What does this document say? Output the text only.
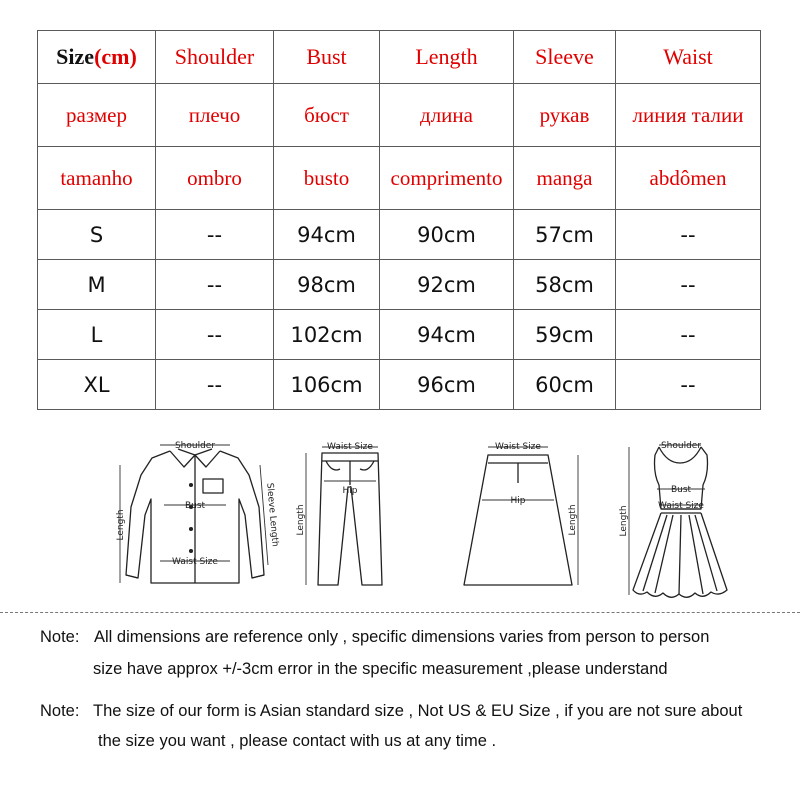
Size(cm)	Shoulder	Bust	Length	Sleeve	Waist
размер	плечо	бюст	длина	рукав	линия талии
tamanho	ombro	busto	comprimento	manga	abdômen
S	--	94cm	90cm	57cm	--
M	--	98cm	92cm	58cm	--
L	--	102cm	94cm	59cm	--
XL	--	106cm	96cm	60cm	--
Shoulder
Bust
Waist Size
Length	Sleeve Length
Waist Size
Hip
Length
Waist Size
Hip
Length
Shoulder
Bust
Waist Size
Length
Note: All dimensions are reference only , specific dimensions varies from person to person
size have approx +/-3cm error in the specific measurement ,please understand
Note: The size of our form is Asian standard size , Not US & EU Size , if you are not sure about
the size you want , please contact with us at any time .
